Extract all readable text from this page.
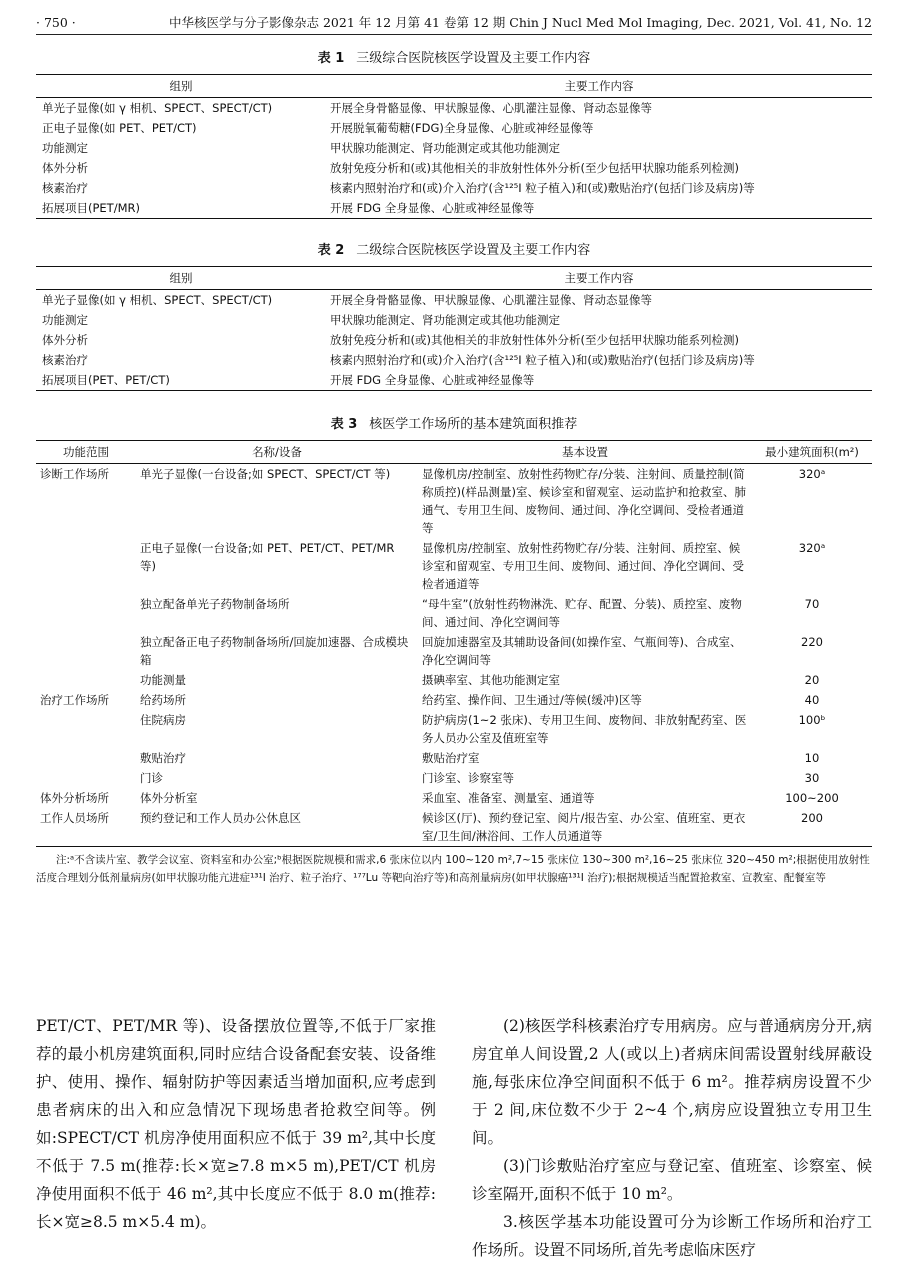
· 750 ·	中华核医学与分子影像杂志 2021 年 12 月第 41 卷第 12 期 Chin J Nucl Med Mol Imaging, Dec. 2021, Vol. 41, No. 12

表 1 三级综合医院核医学设置及主要工作内容

组别	主要工作内容
单光子显像(如 γ 相机、SPECT、SPECT/CT)	开展全身骨骼显像、甲状腺显像、心肌灌注显像、肾动态显像等
正电子显像(如 PET、PET/CT)	开展脱氧葡萄糖(FDG)全身显像、心脏或神经显像等
功能测定	甲状腺功能测定、肾功能测定或其他功能测定
体外分析	放射免疫分析和(或)其他相关的非放射性体外分析(至少包括甲状腺功能系列检测)
核素治疗	核素内照射治疗和(或)介入治疗(含¹²⁵I 粒子植入)和(或)敷贴治疗(包括门诊及病房)等
拓展项目(PET/MR)	开展 FDG 全身显像、心脏或神经显像等

表 2 二级综合医院核医学设置及主要工作内容

组别	主要工作内容
单光子显像(如 γ 相机、SPECT、SPECT/CT)	开展全身骨骼显像、甲状腺显像、心肌灌注显像、肾动态显像等
功能测定	甲状腺功能测定、肾功能测定或其他功能测定
体外分析	放射免疫分析和(或)其他相关的非放射性体外分析(至少包括甲状腺功能系列检测)
核素治疗	核素内照射治疗和(或)介入治疗(含¹²⁵I 粒子植入)和(或)敷贴治疗(包括门诊及病房)等
拓展项目(PET、PET/CT)	开展 FDG 全身显像、心脏或神经显像等

表 3 核医学工作场所的基本建筑面积推荐

功能范围	名称/设备	基本设置	最小建筑面积(m²)
诊断工作场所	单光子显像(一台设备;如 SPECT、SPECT/CT 等)	显像机房/控制室、放射性药物贮存/分装、注射间、质量控制(简称质控)(样品测量)室、候诊室和留观室、运动监护和抢救室、肺通气、专用卫生间、废物间、通过间、净化空调间、受检者通道等	320ᵃ
	正电子显像(一台设备;如 PET、PET/CT、PET/MR 等)	显像机房/控制室、放射性药物贮存/分装、注射间、质控室、候诊室和留观室、专用卫生间、废物间、通过间、净化空调间、受检者通道等	320ᵃ
	独立配备单光子药物制备场所	“母牛室”(放射性药物淋洗、贮存、配置、分装)、质控室、废物间、通过间、净化空调间等	70
	独立配备正电子药物制备场所/回旋加速器、合成模块箱	回旋加速器室及其辅助设备间(如操作室、气瓶间等)、合成室、净化空调间等	220
	功能测量	摄碘率室、其他功能测定室	20
治疗工作场所	给药场所	给药室、操作间、卫生通过/等候(缓冲)区等	40
	住院病房	防护病房(1~2 张床)、专用卫生间、废物间、非放射配药室、医务人员办公室及值班室等	100ᵇ
	敷贴治疗	敷贴治疗室	10
	门诊	门诊室、诊察室等	30
体外分析场所	体外分析室	采血室、准备室、测量室、通道等	100~200
工作人员场所	预约登记和工作人员办公休息区	候诊区(厅)、预约登记室、阅片/报告室、办公室、值班室、更衣室/卫生间/淋浴间、工作人员通道等	200
注:ᵃ不含读片室、教学会议室、资料室和办公室;ᵇ根据医院规模和需求,6 张床位以内 100~120 m²,7~15 张床位 130~300 m²,16~25 张床位 320~450 m²;根据使用放射性活度合理划分低剂量病房(如甲状腺功能亢进症¹³¹I 治疗、粒子治疗、¹⁷⁷Lu 等靶向治疗等)和高剂量病房(如甲状腺癌¹³¹I 治疗);根据规模适当配置抢救室、宣教室、配餐室等

PET/CT、PET/MR 等)、设备摆放位置等,不低于厂家推荐的最小机房建筑面积,同时应结合设备配套安装、设备维护、使用、操作、辐射防护等因素适当增加面积,应考虑到患者病床的出入和应急情况下现场患者抢救空间等。例如:SPECT/CT 机房净使用面积应不低于 39 m²,其中长度不低于 7.5 m(推荐:长×宽≥7.8 m×5 m),PET/CT 机房净使用面积不低于 46 m²,其中长度应不低于 8.0 m(推荐:长×宽≥8.5 m×5.4 m)。

(2)核医学科核素治疗专用病房。应与普通病房分开,病房宜单人间设置,2 人(或以上)者病床间需设置射线屏蔽设施,每张床位净空间面积不低于 6 m²。推荐病房设置不少于 2 间,床位数不少于 2~4 个,病房应设置独立专用卫生间。

(3)门诊敷贴治疗室应与登记室、值班室、诊察室、候诊室隔开,面积不低于 10 m²。

3.核医学基本功能设置可分为诊断工作场所和治疗工作场所。设置不同场所,首先考虑临床医疗
